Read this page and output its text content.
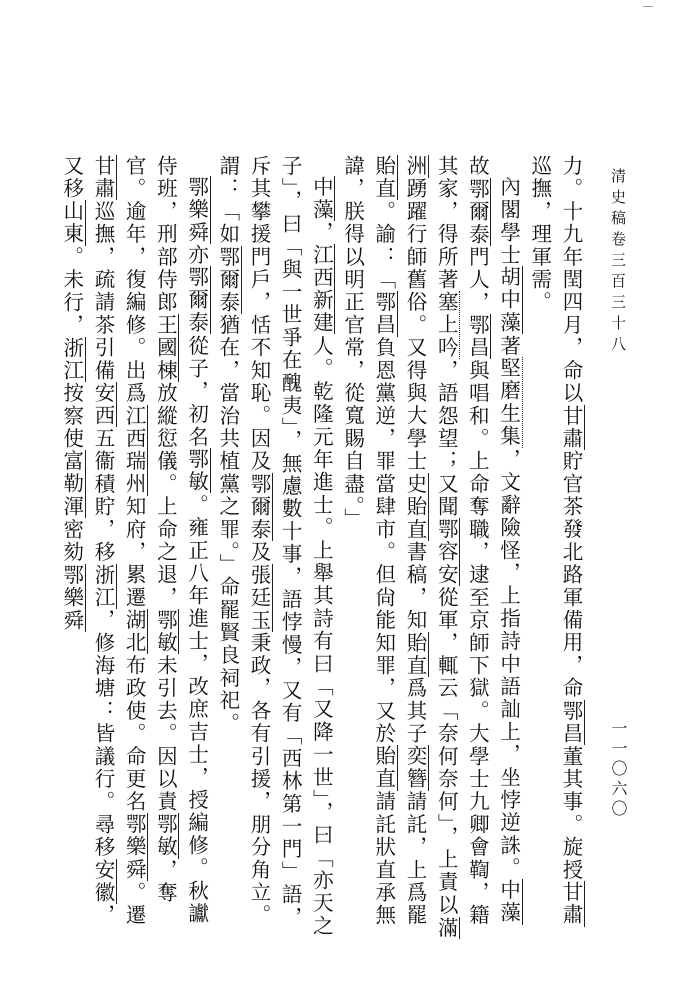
清史稿卷三百三十八
一一〇六〇

力。十九年閏四月，命以甘肅貯官茶發北路軍備用，命鄂昌董其事。旋授甘肅巡撫，理軍需。

內閣學士胡中藻著堅磨生集，文辭險怪，上指詩中語訕上，坐悖逆誅。中藻故鄂爾泰門人，鄂昌與唱和。上命奪職，逮至京師下獄。大學士九卿會鞫，籍其家，得所著塞上吟，語怨望；又聞鄂容安從軍，輒云「奈何奈何」，上責以滿洲踴躍行師舊俗。又得與大學士史貽直書稿，知貽直爲其子奕簪請託，上爲罷貽直。諭：「鄂昌負恩黨逆，罪當肆市。但尙能知罪，又於貽直請託狀直承無諱，朕得以明正官常，從寬賜自盡。」

中藻，江西新建人。乾隆元年進士。上舉其詩有曰「又降一世」，曰「亦天之子」，曰「與一世爭在醜夷」，無慮數十事，語悖慢，又有「西林第一門」語，斥其攀援門戶，恬不知恥。因及鄂爾泰及張廷玉秉政，各有引援，朋分角立。謂：「如鄂爾泰猶在，當治共植黨之罪。」命罷賢良祠祀。

鄂樂舜亦鄂爾泰從子，初名鄂敏。雍正八年進士，改庶吉士，授編修。秋讞侍班，刑部侍郎王國棟放縱愆儀。上命之退，鄂敏未引去。因以責鄂敏，奪官。逾年，復編修。出爲江西瑞州知府，累遷湖北布政使。命更名鄂樂舜。遷甘肅巡撫，疏請茶引備安西五衞積貯，移浙江，修海塘：皆議行。尋移安徽，又移山東。未行，浙江按察使富勒渾密劾鄂樂舜
